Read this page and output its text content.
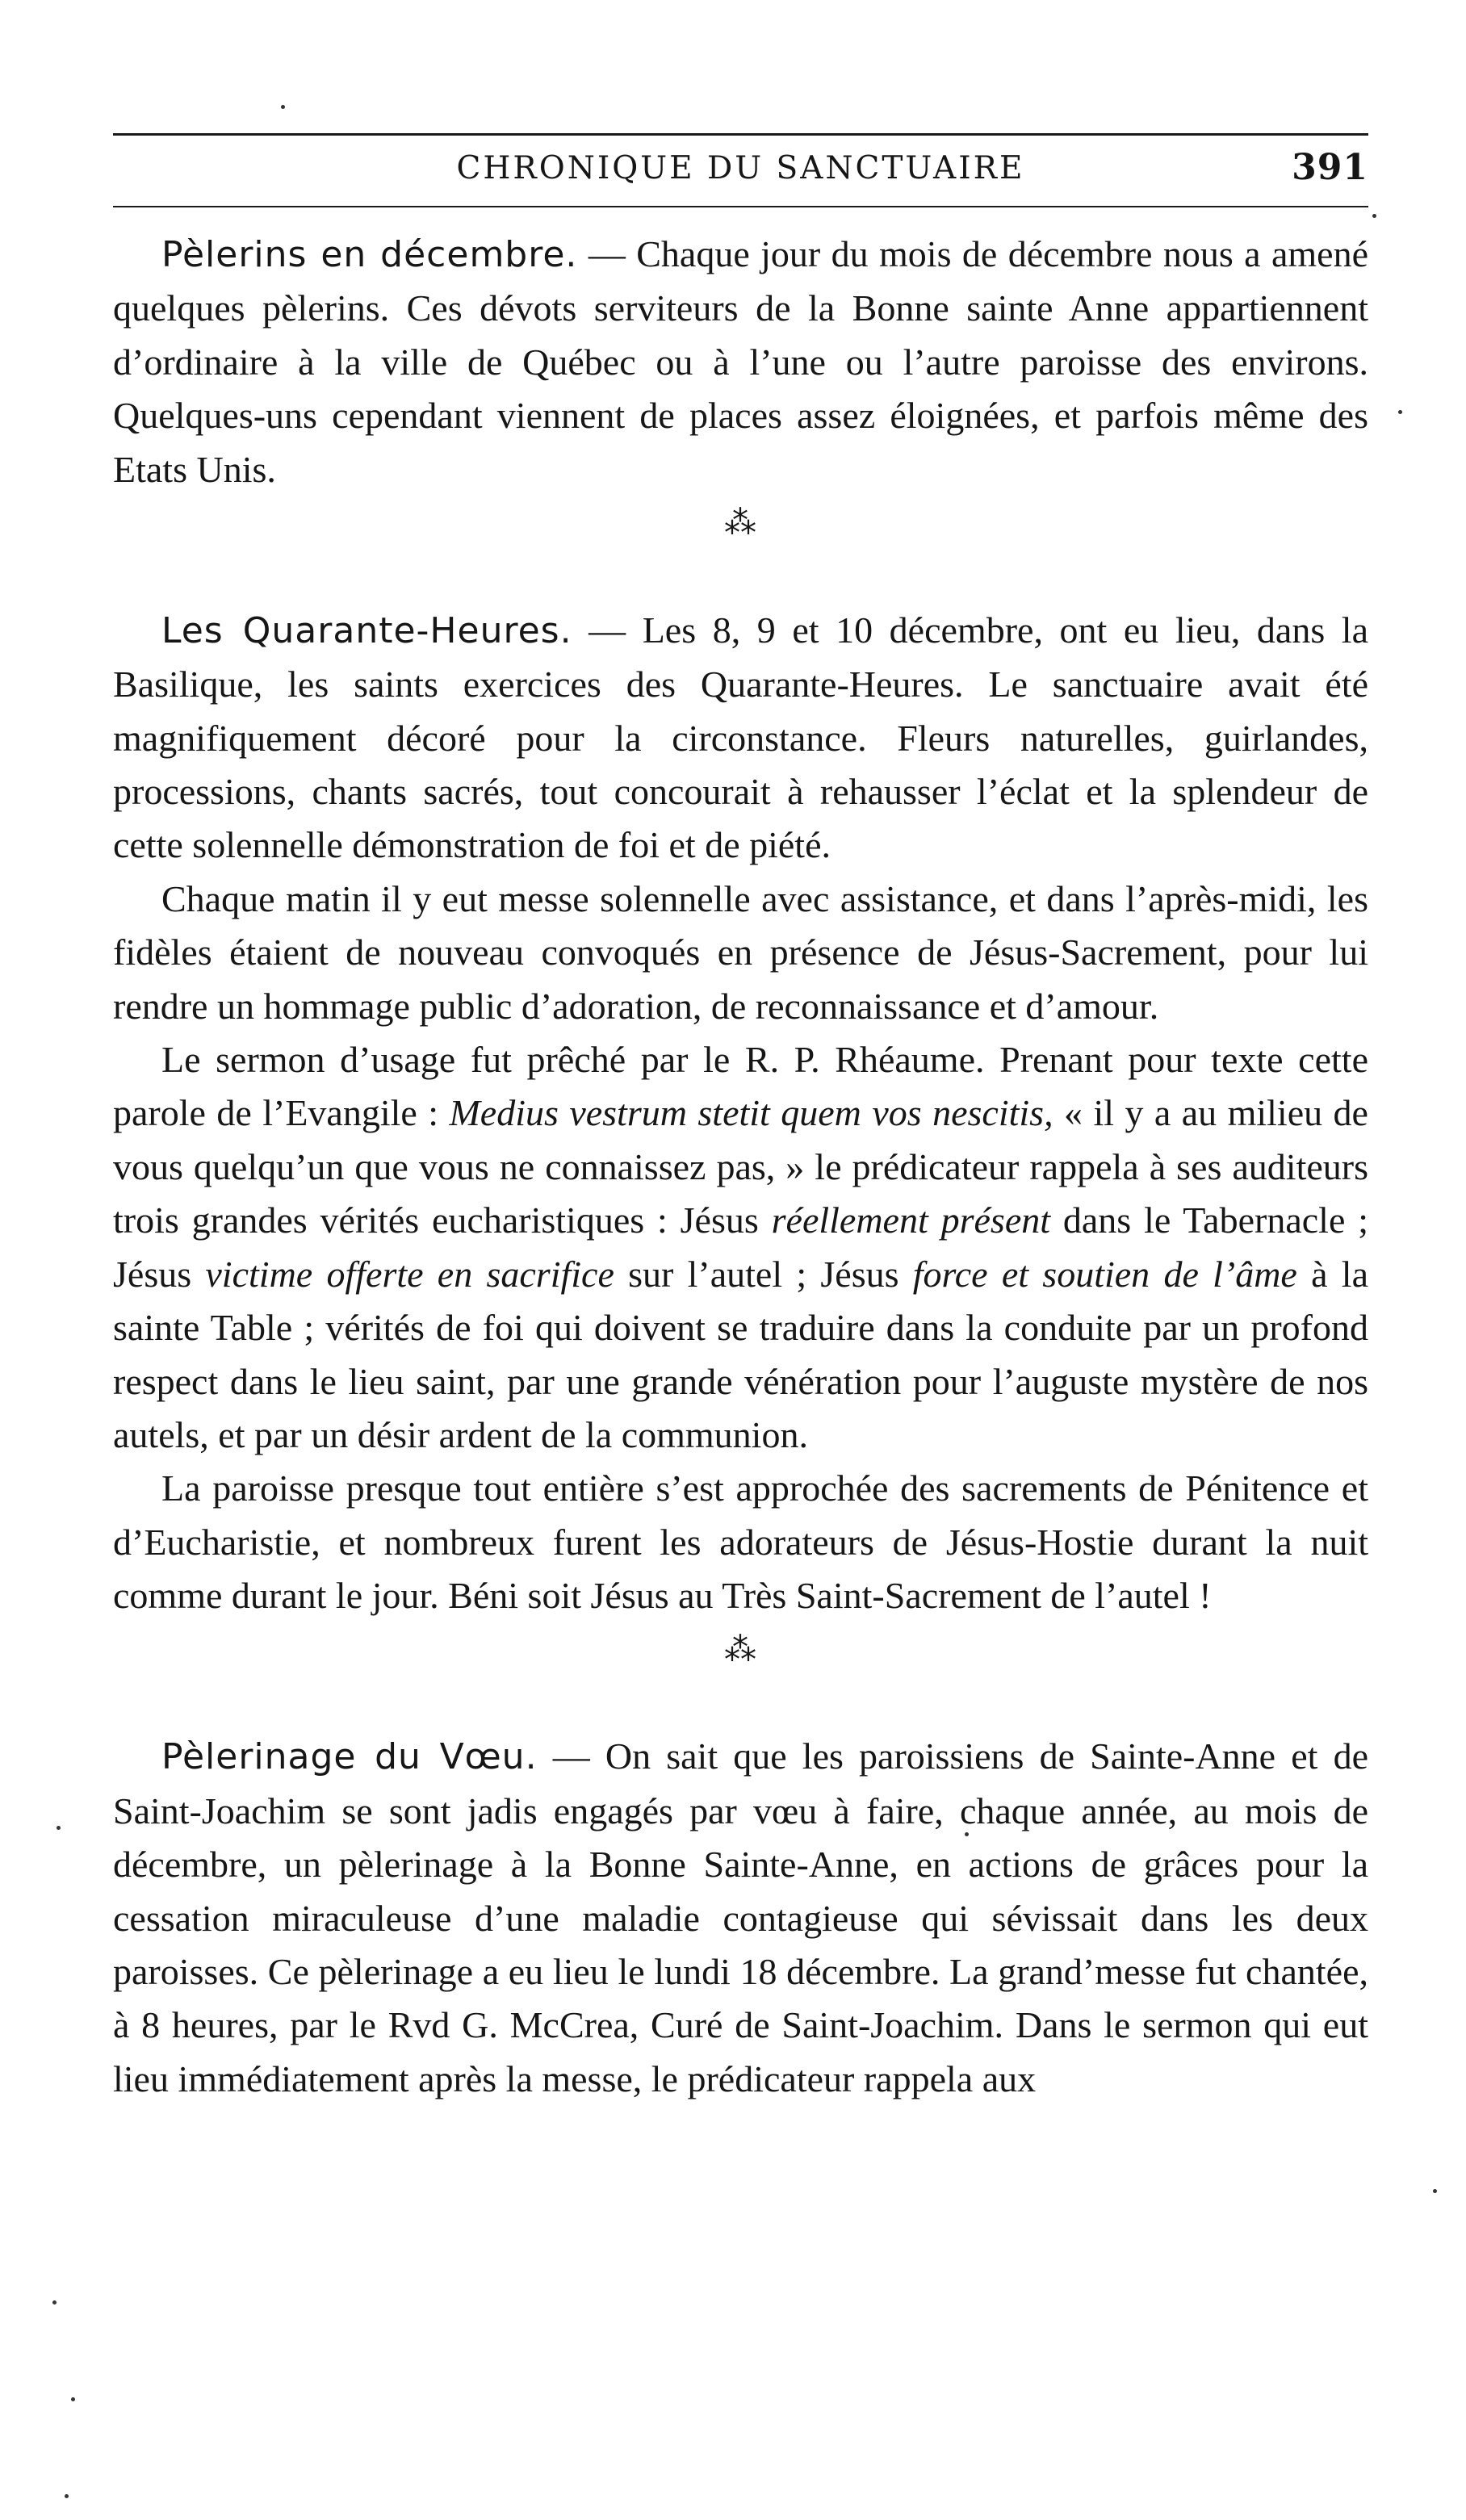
CHRONIQUE DU SANCTUAIRE	391

Pèlerins en décembre. — Chaque jour du mois de décembre nous a amené quelques pèlerins. Ces dévots serviteurs de la Bonne sainte Anne appartiennent d’ordinaire à la ville de Québec ou à l’une ou l’autre paroisse des environs. Quelques-uns cependant viennent de places assez éloignées, et parfois même des Etats Unis.

⁂

Les Quarante-Heures. — Les 8, 9 et 10 décembre, ont eu lieu, dans la Basilique, les saints exercices des Quarante-Heures. Le sanctuaire avait été magnifiquement décoré pour la circonstance. Fleurs naturelles, guirlandes, processions, chants sacrés, tout concourait à rehausser l’éclat et la splendeur de cette solennelle démonstration de foi et de piété.

Chaque matin il y eut messe solennelle avec assistance, et dans l’après-midi, les fidèles étaient de nouveau convoqués en présence de Jésus-Sacrement, pour lui rendre un hommage public d’adoration, de reconnaissance et d’amour.

Le sermon d’usage fut prêché par le R. P. Rhéaume. Prenant pour texte cette parole de l’Evangile : Medius vestrum stetit quem vos nescitis, « il y a au milieu de vous quelqu’un que vous ne connaissez pas, » le prédicateur rappela à ses auditeurs trois grandes vérités eucharistiques : Jésus réellement présent dans le Tabernacle ; Jésus victime offerte en sacrifice sur l’autel ; Jésus force et soutien de l’âme à la sainte Table ; vérités de foi qui doivent se traduire dans la conduite par un profond respect dans le lieu saint, par une grande vénération pour l’auguste mystère de nos autels, et par un désir ardent de la communion.

La paroisse presque tout entière s’est approchée des sacrements de Pénitence et d’Eucharistie, et nombreux furent les adorateurs de Jésus-Hostie durant la nuit comme durant le jour. Béni soit Jésus au Très Saint-Sacrement de l’autel !

⁂

Pèlerinage du Vœu. — On sait que les paroissiens de Sainte-Anne et de Saint-Joachim se sont jadis engagés par vœu à faire, chaque année, au mois de décembre, un pèlerinage à la Bonne Sainte-Anne, en actions de grâces pour la cessation miraculeuse d’une maladie contagieuse qui sévissait dans les deux paroisses. Ce pèlerinage a eu lieu le lundi 18 décembre. La grand’messe fut chantée, à 8 heures, par le Rvd G. McCrea, Curé de Saint-Joachim. Dans le sermon qui eut lieu immédiatement après la messe, le prédicateur rappela aux
